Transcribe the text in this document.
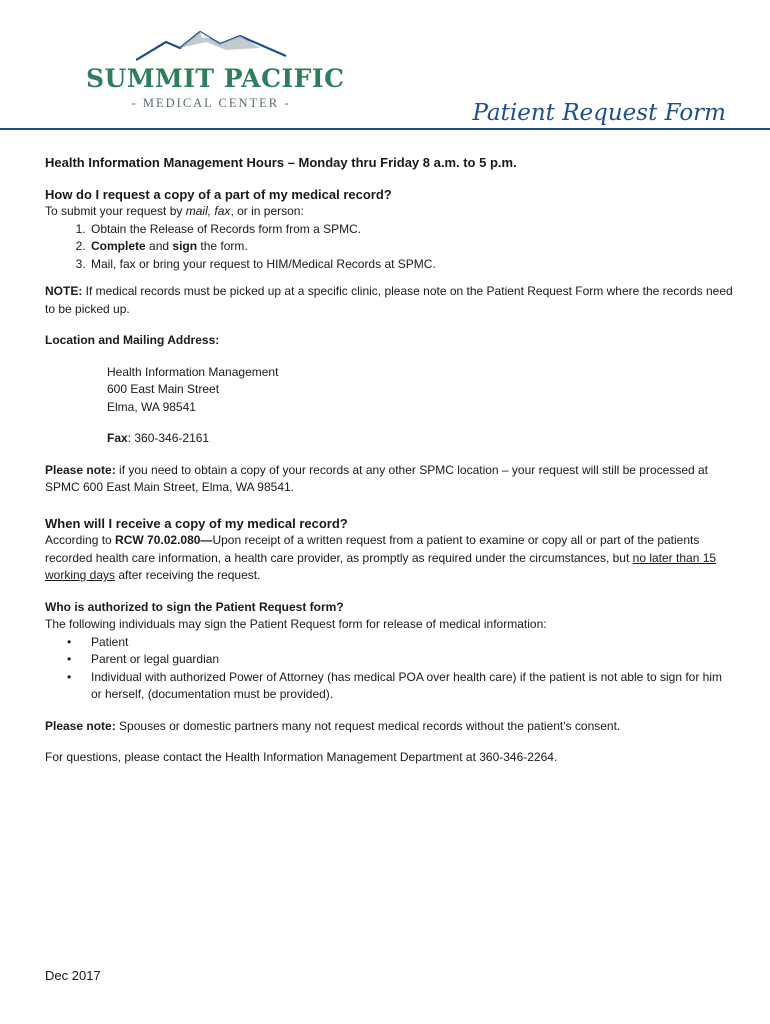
SUMMIT PACIFIC
- MEDICAL CENTER -	Patient Request Form

Health Information Management Hours – Monday thru Friday 8 a.m. to 5 p.m.

How do I request a copy of a part of my medical record?

To submit your request by mail, fax, or in person:

1. Obtain the Release of Records form from a SPMC.
2. Complete and sign the form.
3. Mail, fax or bring your request to HIM/Medical Records at SPMC.

NOTE: If medical records must be picked up at a specific clinic, please note on the Patient Request Form where the records need to be picked up.

Location and Mailing Address:

Health Information Management

600 East Main Street

Elma, WA 98541

Fax: 360-346-2161

Please note: if you need to obtain a copy of your records at any other SPMC location – your request will still be processed at SPMC 600 East Main Street, Elma, WA 98541.

When will I receive a copy of my medical record?

According to RCW 70.02.080—Upon receipt of a written request from a patient to examine or copy all or part of the patients recorded health care information, a health care provider, as promptly as required under the circumstances, but no later than 15 working days after receiving the request.

Who is authorized to sign the Patient Request form?

The following individuals may sign the Patient Request form for release of medical information:

• Patient
• Parent or legal guardian
• Individual with authorized Power of Attorney (has medical POA over health care) if the patient is not able to sign for him or herself, (documentation must be provided).

Please note: Spouses or domestic partners many not request medical records without the patient's consent.

For questions, please contact the Health Information Management Department at 360-346-2264.

Dec 2017
